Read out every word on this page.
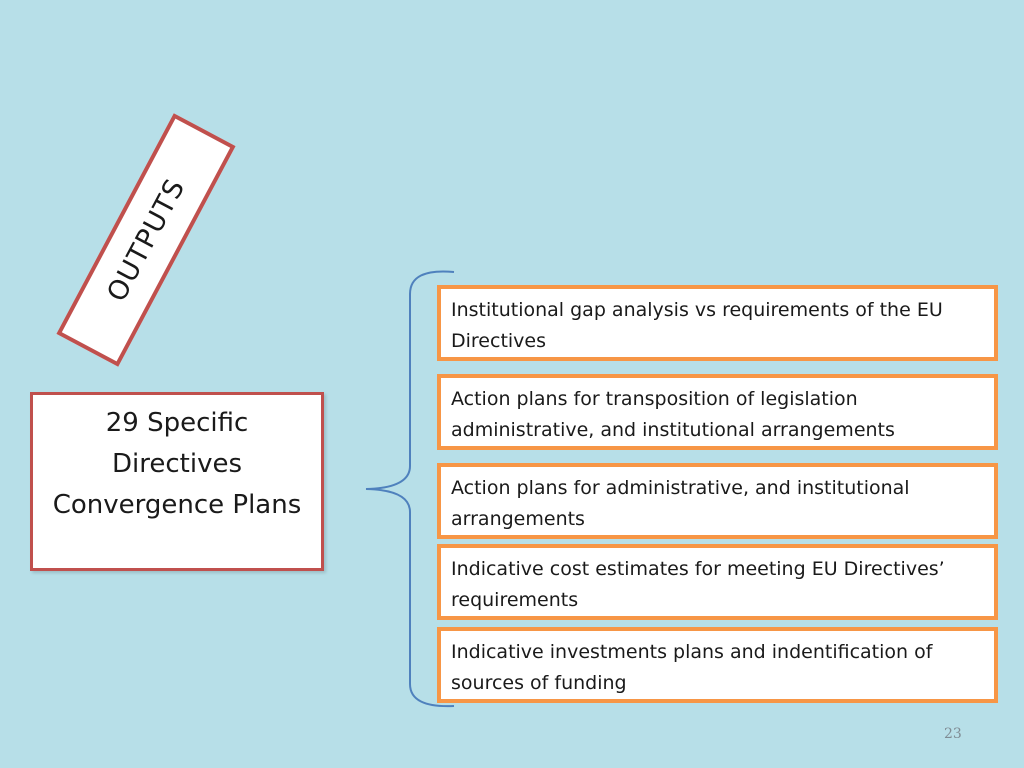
OUTPUTS
29 Specific
Directives
Convergence Plans
Institutional gap analysis vs requirements of the EU Directives
Action plans for transposition of legislation administrative, and institutional arrangements
Action plans for administrative, and institutional arrangements
Indicative cost estimates for meeting EU Directives’ requirements
Indicative investments plans and indentification of sources of funding
23
